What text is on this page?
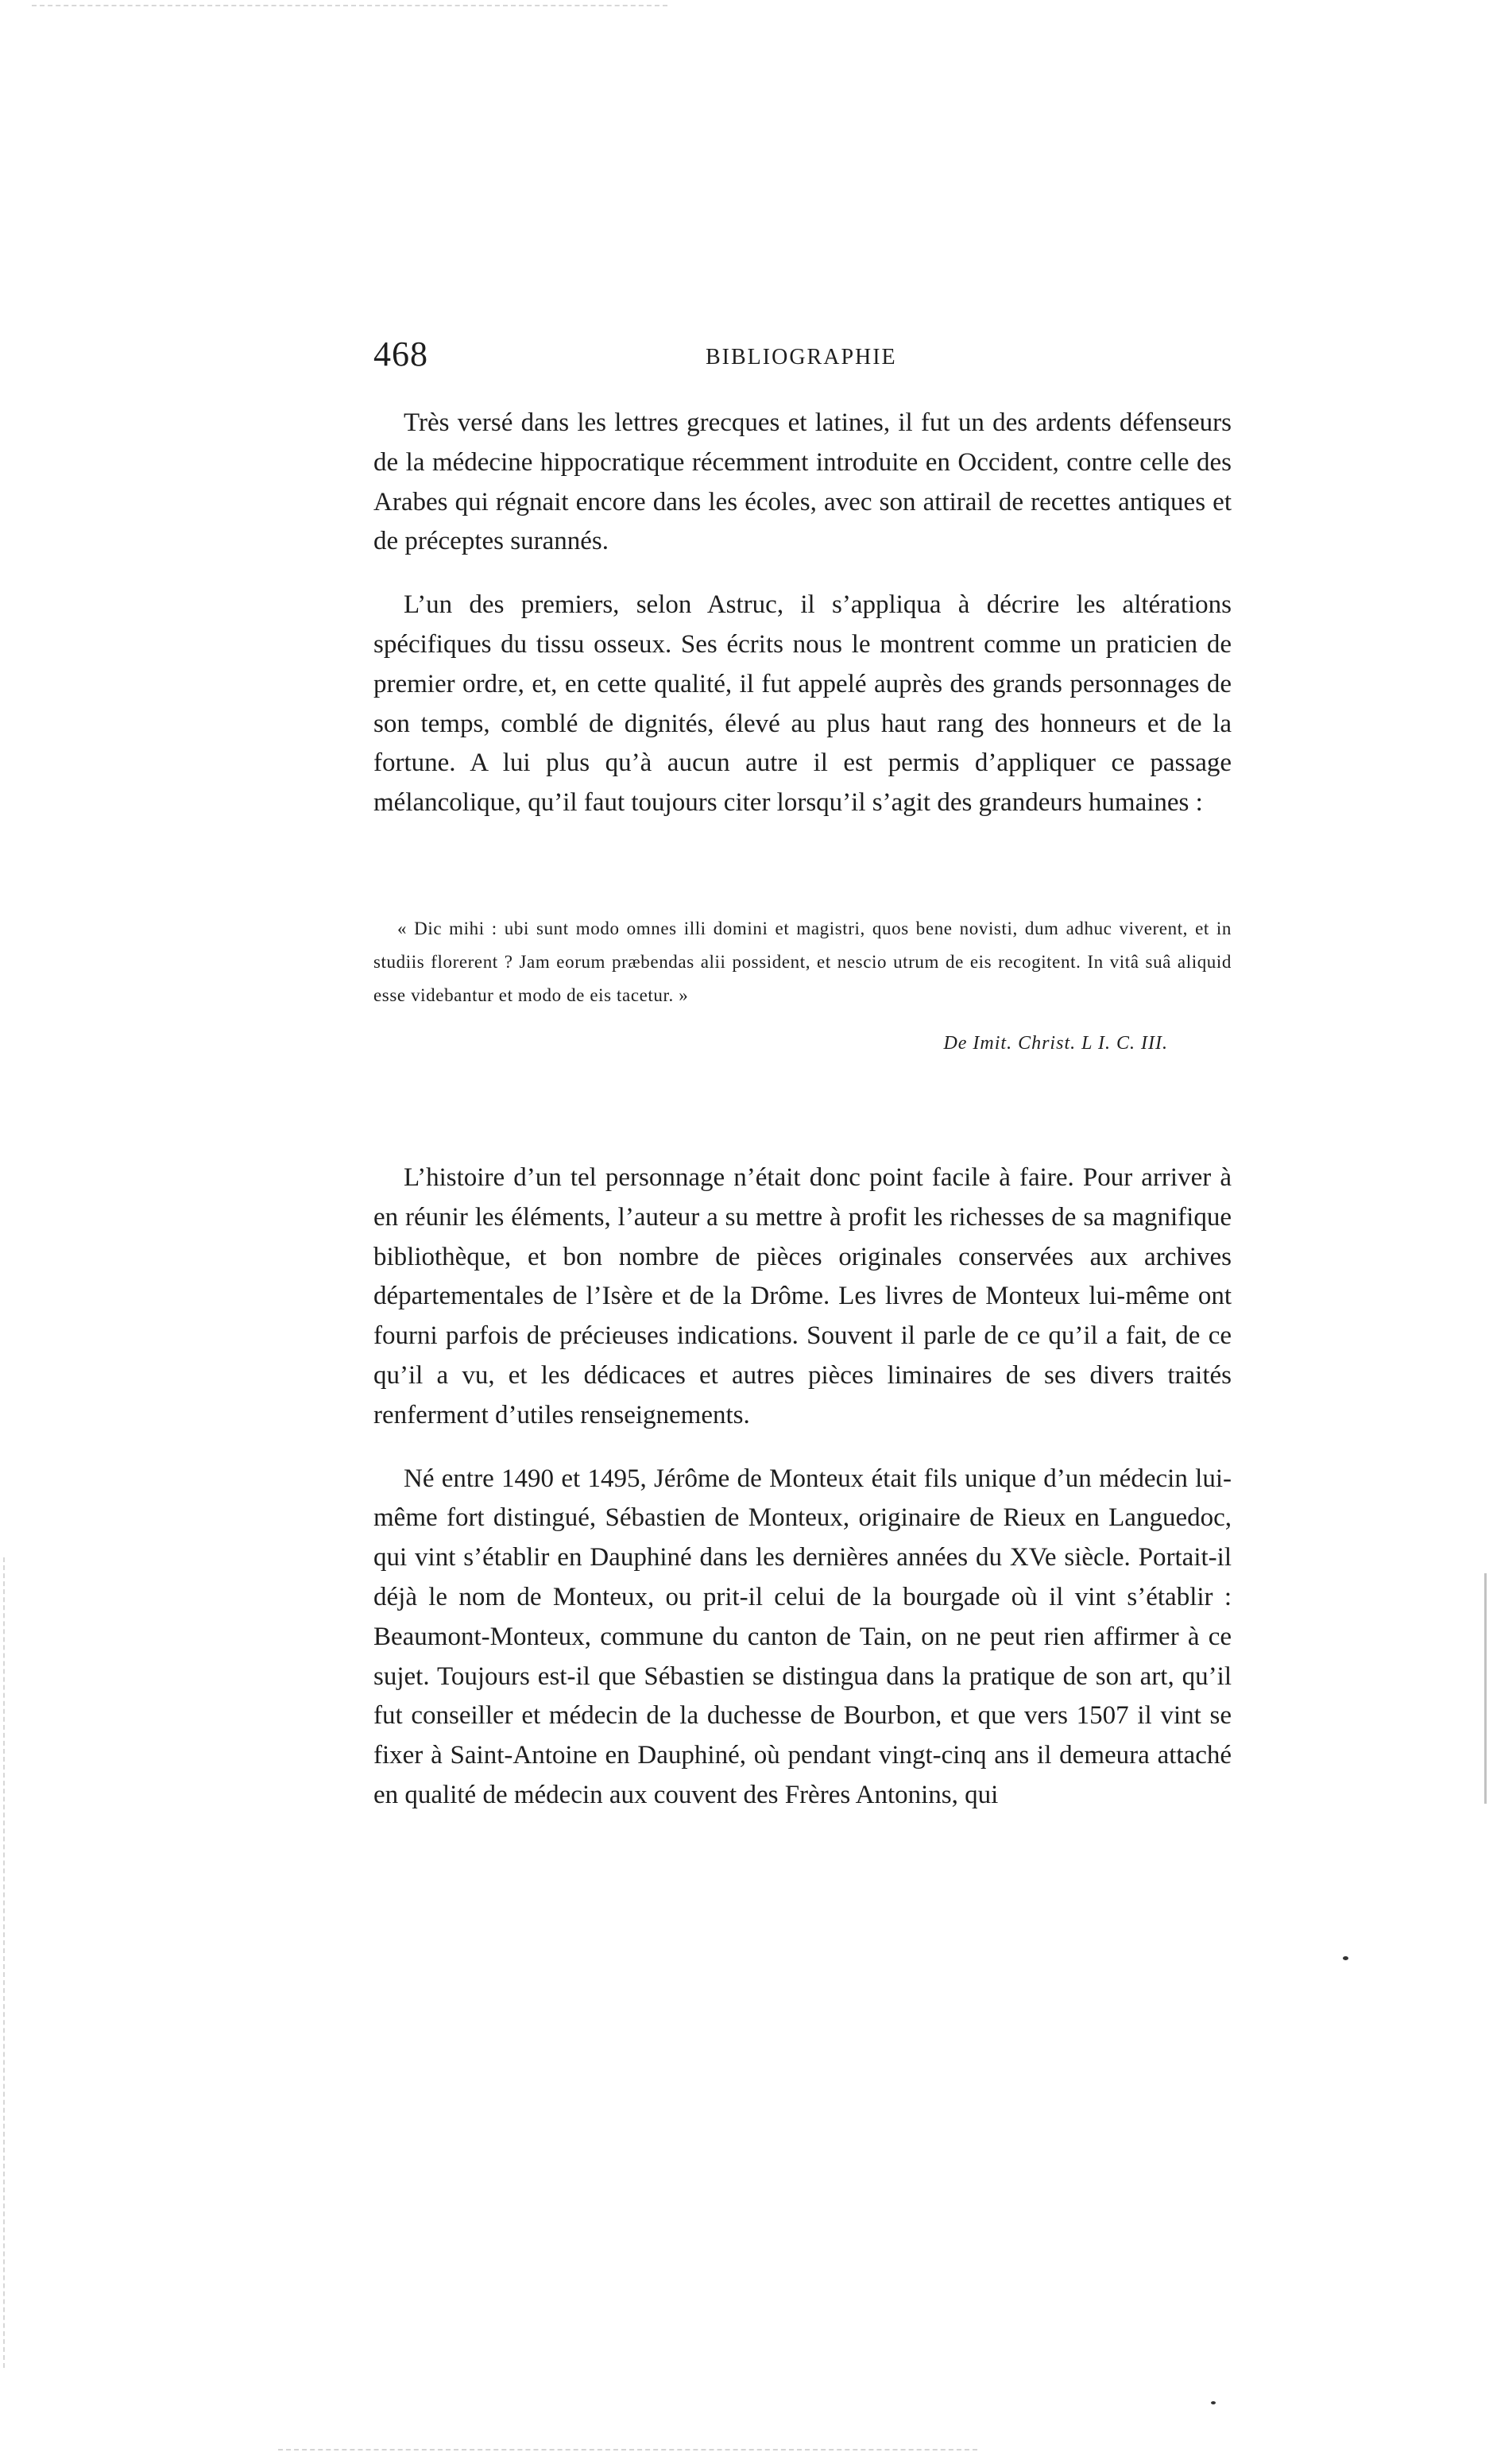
468	BIBLIOGRAPHIE

Très versé dans les lettres grecques et latines, il fut un des ardents défenseurs de la médecine hippocratique récemment introduite en Occident, contre celle des Arabes qui régnait encore dans les écoles, avec son attirail de recettes antiques et de préceptes surannés.

L’un des premiers, selon Astruc, il s’appliqua à décrire les altérations spécifiques du tissu osseux. Ses écrits nous le montrent comme un praticien de premier ordre, et, en cette qualité, il fut appelé auprès des grands personnages de son temps, comblé de dignités, élevé au plus haut rang des honneurs et de la fortune. A lui plus qu’à aucun autre il est permis d’appliquer ce passage mélancolique, qu’il faut toujours citer lorsqu’il s’agit des grandeurs humaines :

« Dic mihi : ubi sunt modo omnes illi domini et magistri, quos bene novisti, dum adhuc viverent, et in studiis florerent ? Jam eorum præbendas alii possident, et nescio utrum de eis recogitent. In vitâ suâ aliquid esse videbantur et modo de eis tacetur. »

De Imit. Christ. L I. C. III.

L’histoire d’un tel personnage n’était donc point facile à faire. Pour arriver à en réunir les éléments, l’auteur a su mettre à profit les richesses de sa magnifique bibliothèque, et bon nombre de pièces originales conservées aux archives départementales de l’Isère et de la Drôme. Les livres de Monteux lui-même ont fourni parfois de précieuses indications. Souvent il parle de ce qu’il a fait, de ce qu’il a vu, et les dédicaces et autres pièces liminaires de ses divers traités renferment d’utiles renseignements.

Né entre 1490 et 1495, Jérôme de Monteux était fils unique d’un médecin lui-même fort distingué, Sébastien de Monteux, originaire de Rieux en Languedoc, qui vint s’établir en Dauphiné dans les dernières années du XVe siècle. Portait-il déjà le nom de Monteux, ou prit-il celui de la bourgade où il vint s’établir : Beaumont-Monteux, commune du canton de Tain, on ne peut rien affirmer à ce sujet. Toujours est-il que Sébastien se distingua dans la pratique de son art, qu’il fut conseiller et médecin de la duchesse de Bourbon, et que vers 1507 il vint se fixer à Saint-Antoine en Dauphiné, où pendant vingt-cinq ans il demeura attaché en qualité de médecin aux couvent des Frères Antonins, qui
